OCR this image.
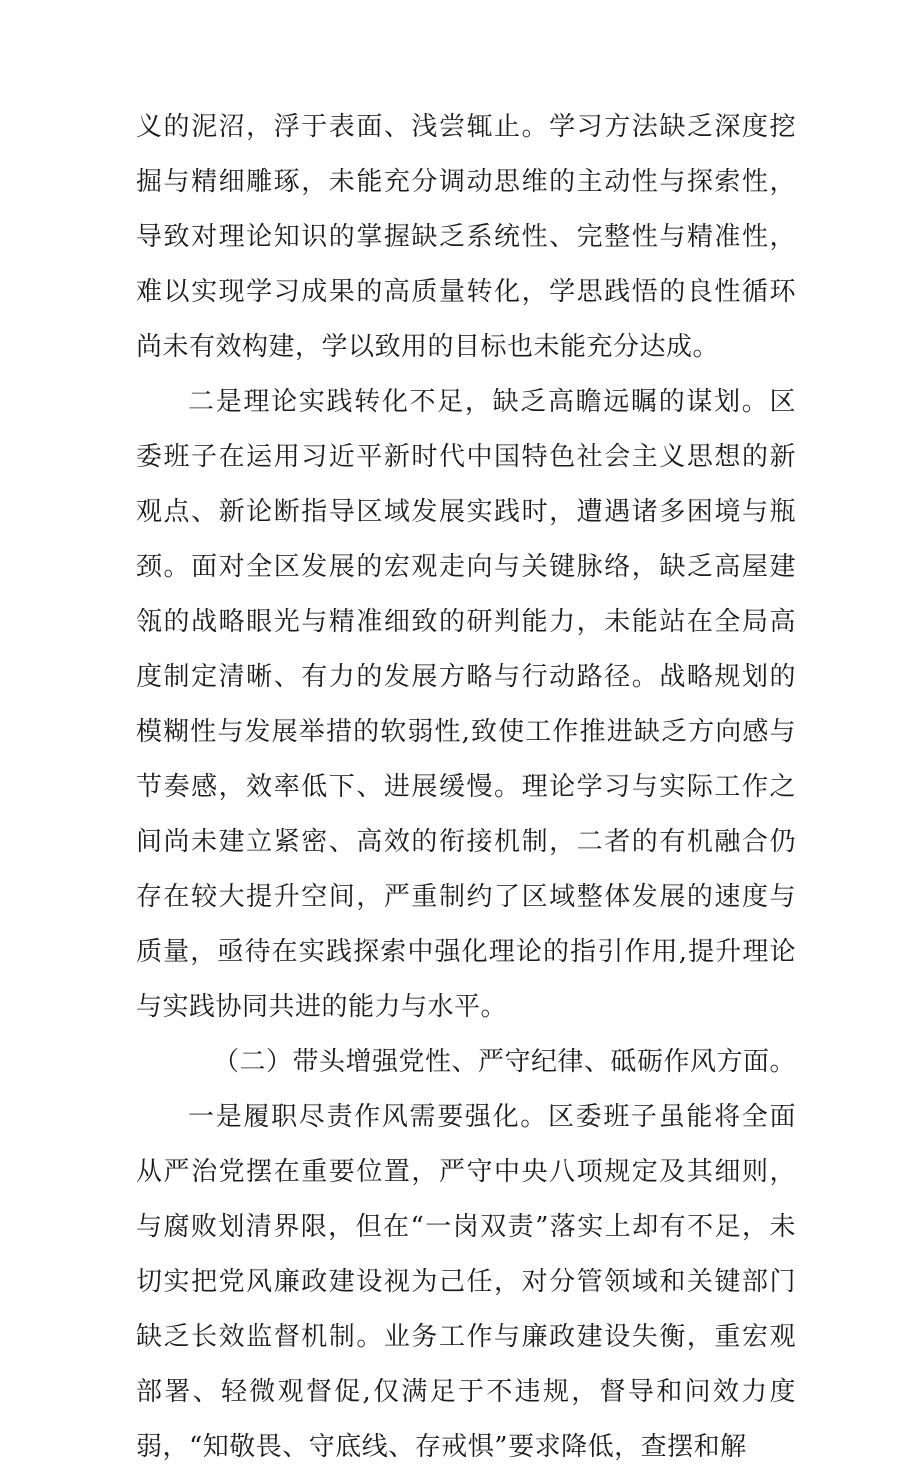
义的泥沼，浮于表面、浅尝辄止。学习方法缺乏深度挖掘与精细雕琢，未能充分调动思维的主动性与探索性，导致对理论知识的掌握缺乏系统性、完整性与精准性，难以实现学习成果的高质量转化，学思践悟的良性循环尚未有效构建，学以致用的目标也未能充分达成。

二是理论实践转化不足，缺乏高瞻远瞩的谋划。区委班子在运用习近平新时代中国特色社会主义思想的新观点、新论断指导区域发展实践时，遭遇诸多困境与瓶颈。面对全区发展的宏观走向与关键脉络，缺乏高屋建瓴的战略眼光与精准细致的研判能力，未能站在全局高度制定清晰、有力的发展方略与行动路径。战略规划的模糊性与发展举措的软弱性,致使工作推进缺乏方向感与节奏感，效率低下、进展缓慢。理论学习与实际工作之间尚未建立紧密、高效的衔接机制，二者的有机融合仍存在较大提升空间，严重制约了区域整体发展的速度与质量，亟待在实践探索中强化理论的指引作用,提升理论与实践协同共进的能力与水平。

（二）带头增强党性、严守纪律、砥砺作风方面。

一是履职尽责作风需要强化。区委班子虽能将全面从严治党摆在重要位置，严守中央八项规定及其细则，与腐败划清界限，但在“一岗双责”落实上却有不足，未切实把党风廉政建设视为己任，对分管领域和关键部门缺乏长效监督机制。业务工作与廉政建设失衡，重宏观部署、轻微观督促,仅满足于不违规，督导和问效力度弱，“知敬畏、守底线、存戒惧”要求降低，查摆和解
